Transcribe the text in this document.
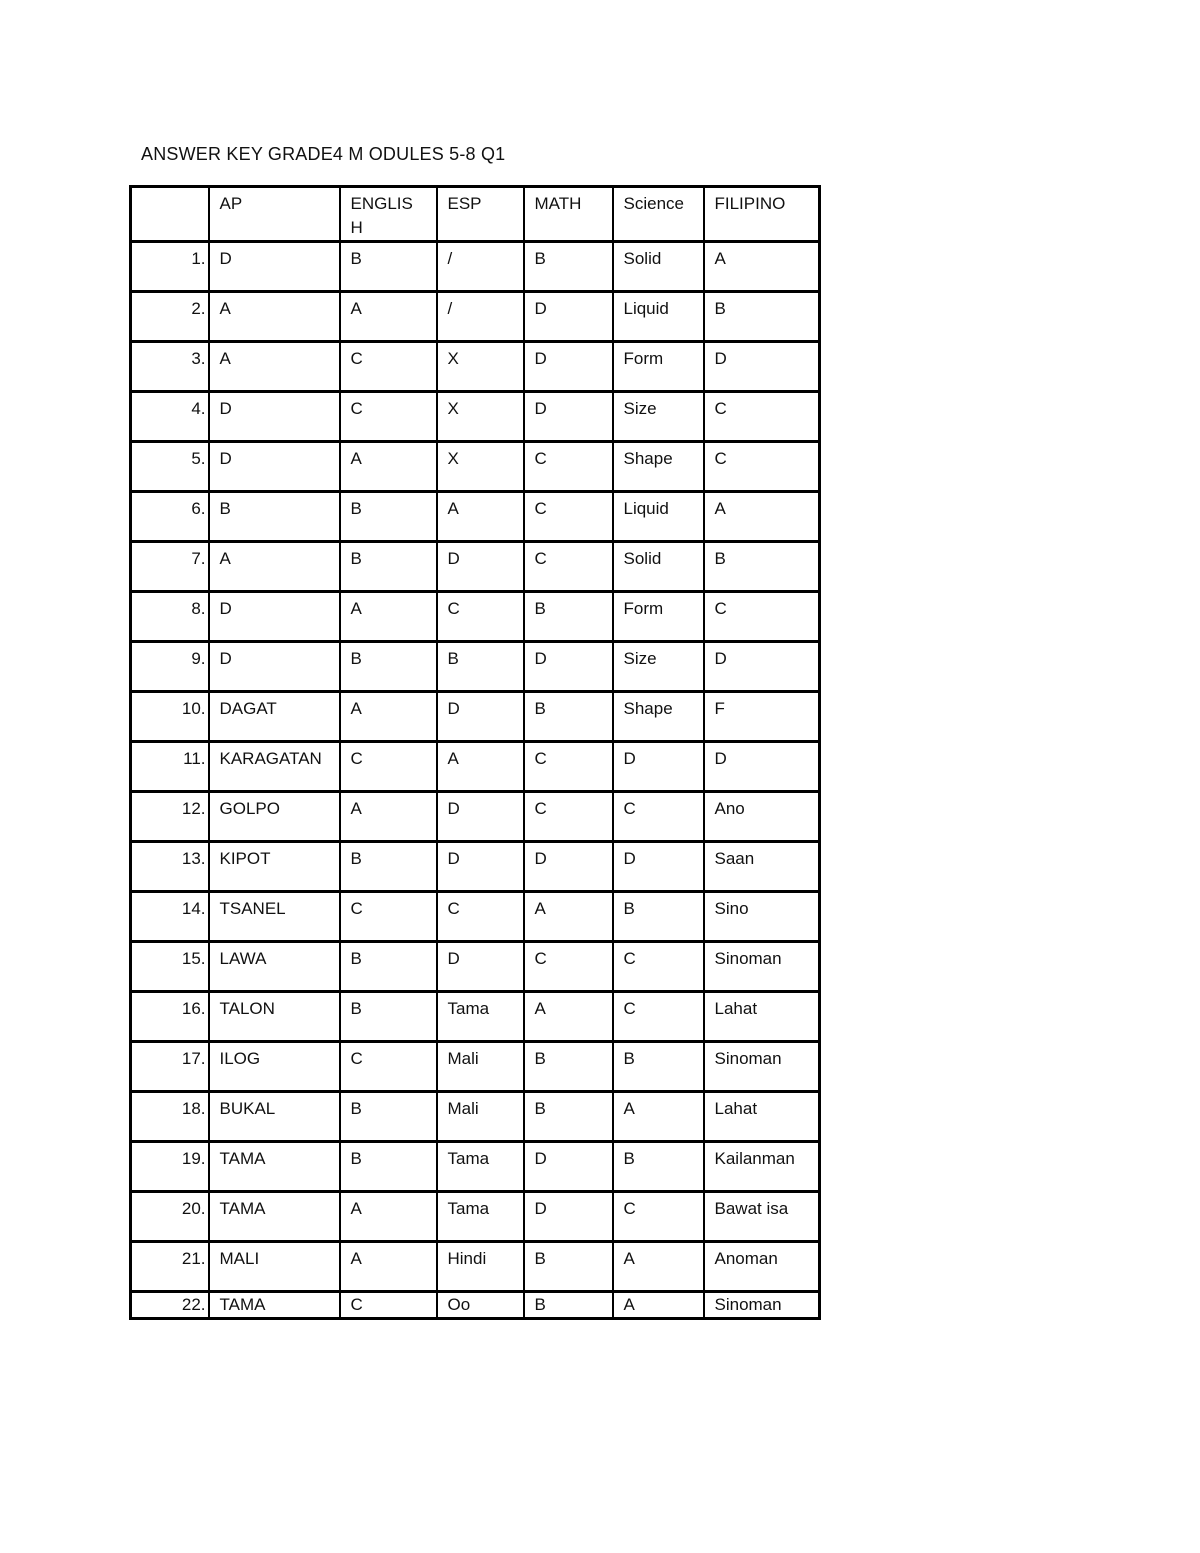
ANSWER KEY GRADE4 M ODULES 5-8 Q1
	AP	ENGLIS H	ESP	MATH	Science	FILIPINO
1.	D	B	/	B	Solid	A
2.	A	A	/	D	Liquid	B
3.	A	C	X	D	Form	D
4.	D	C	X	D	Size	C
5.	D	A	X	C	Shape	C
6.	B	B	A	C	Liquid	A
7.	A	B	D	C	Solid	B
8.	D	A	C	B	Form	C
9.	D	B	B	D	Size	D
10.	DAGAT	A	D	B	Shape	F
11.	KARAGATAN	C	A	C	D	D
12.	GOLPO	A	D	C	C	Ano
13.	KIPOT	B	D	D	D	Saan
14.	TSANEL	C	C	A	B	Sino
15.	LAWA	B	D	C	C	Sinoman
16.	TALON	B	Tama	A	C	Lahat
17.	ILOG	C	Mali	B	B	Sinoman
18.	BUKAL	B	Mali	B	A	Lahat
19.	TAMA	B	Tama	D	B	Kailanman
20.	TAMA	A	Tama	D	C	Bawat isa
21.	MALI	A	Hindi	B	A	Anoman
22.	TAMA	C	Oo	B	A	Sinoman
